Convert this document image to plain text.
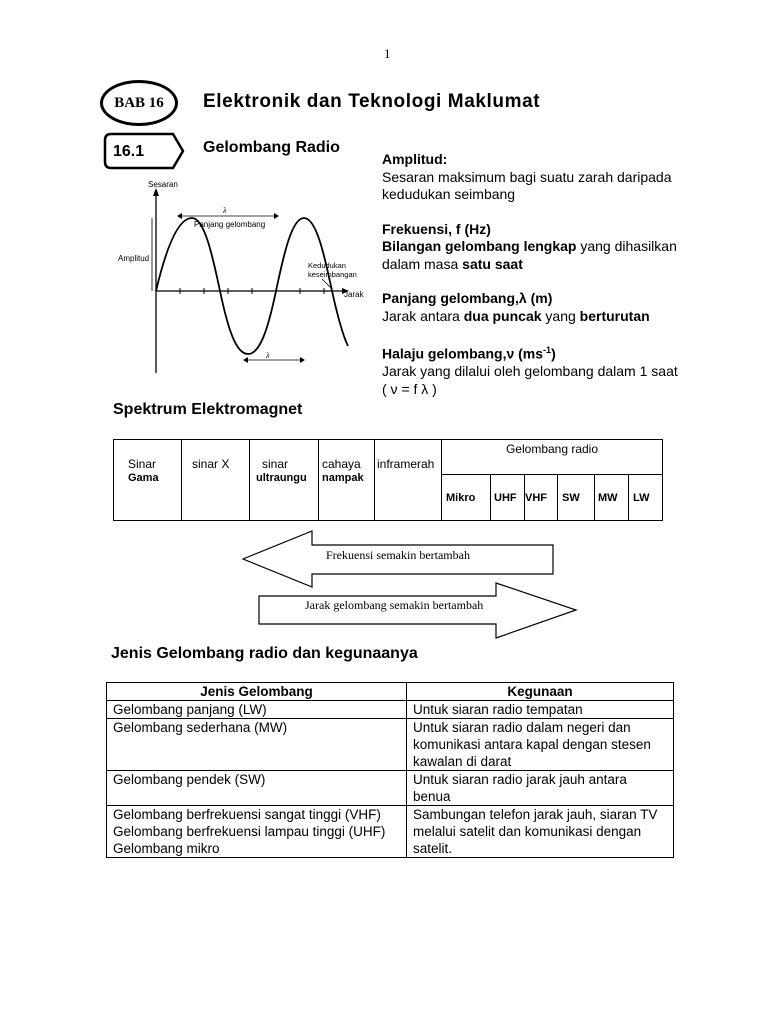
1
BAB 16	Elektronik dan Teknologi Maklumat
16.1	Gelombang Radio
Sesaran
Jarak
Amplitud
λ
Panjang gelombang
λ
Kedudukan
keseimbangan

Amplitud:
Sesaran maksimum bagi suatu zarah daripada kedudukan seimbang

Frekuensi, f (Hz)
Bilangan gelombang lengkap yang dihasilkan dalam masa satu saat

Panjang gelombang,λ (m)
Jarak antara dua puncak yang berturutan

Halaju gelombang,ν $(ms^{-1})$
Jarak yang dilalui oleh gelombang dalam 1 saat ( ν = f λ )

Spektrum Elektromagnet
Sinar
Gama	sinar X	sinar
ultraungu	cahaya
nampak	inframerah	Gelombang radio					

					Mikro	UHF	VHF	SW	MW	LW
Frekuensi semakin bertambah
Jarak gelombang semakin bertambah
Jenis Gelombang radio dan kegunaanya
Jenis Gelombang	Kegunaan
Gelombang panjang (LW)	Untuk siaran radio tempatan
Gelombang sederhana (MW)	Untuk siaran radio dalam negeri dan komunikasi antara kapal dengan stesen kawalan di darat
Gelombang pendek (SW)	Untuk siaran radio jarak jauh antara benua

Gelombang berfrekuensi sangat tinggi (VHF)
Gelombang berfrekuensi lampau tinggi (UHF)
Gelombang mikro	Sambungan telefon jarak jauh, siaran TV melalui satelit dan komunikasi dengan satelit.
